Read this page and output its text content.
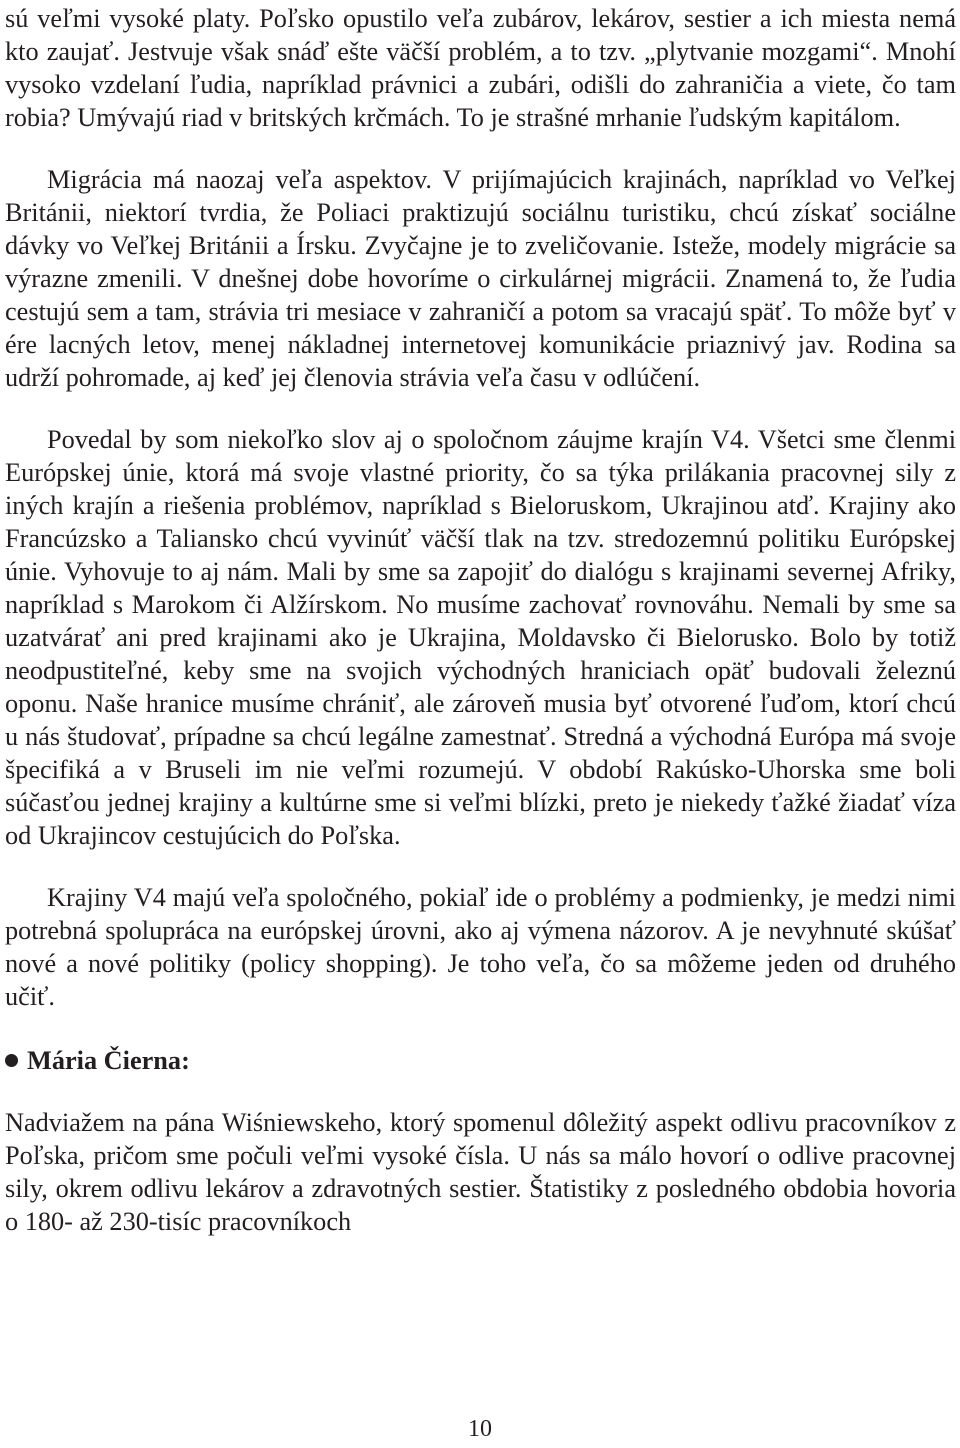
sú veľmi vysoké platy. Poľsko opustilo veľa zubárov, lekárov, sestier a ich miesta nemá kto zaujať. Jestvuje však snáď ešte väčší problém, a to tzv. „plytvanie mozgami“. Mnohí vysoko vzdelaní ľudia, napríklad právnici a zubári, odišli do zahraničia a viete, čo tam robia? Umývajú riad v britských krčmách. To je strašné mrhanie ľudským kapitálom.

Migrácia má naozaj veľa aspektov. V prijímajúcich krajinách, napríklad vo Veľkej Británii, niektorí tvrdia, že Poliaci praktizujú sociálnu turistiku, chcú získať sociálne dávky vo Veľkej Británii a Írsku. Zvyčajne je to zveličovanie. Isteže, modely migrácie sa výrazne zmenili. V dnešnej dobe hovoríme o cirkulárnej migrácii. Znamená to, že ľudia cestujú sem a tam, strávia tri mesiace v zahraničí a potom sa vracajú späť. To môže byť v ére lacných letov, menej nákladnej internetovej komunikácie priaznivý jav. Rodina sa udrží pohromade, aj keď jej členovia strávia veľa času v odlúčení.

Povedal by som niekoľko slov aj o spoločnom záujme krajín V4. Všetci sme členmi Európskej únie, ktorá má svoje vlastné priority, čo sa týka prilákania pracovnej sily z iných krajín a riešenia problémov, napríklad s Bieloruskom, Ukrajinou atď. Krajiny ako Francúzsko a Taliansko chcú vyvinúť väčší tlak na tzv. stredozemnú politiku Európskej únie. Vyhovuje to aj nám. Mali by sme sa zapojiť do dialógu s krajinami severnej Afriky, napríklad s Marokom či Alžírskom. No musíme zachovať rovnováhu. Nemali by sme sa uzatvárať ani pred krajinami ako je Ukrajina, Moldavsko či Bielorusko. Bolo by totiž neodpustiteľné, keby sme na svojich východných hraniciach opäť budovali železnú oponu. Naše hranice musíme chrániť, ale zároveň musia byť otvorené ľuďom, ktorí chcú u nás študovať, prípadne sa chcú legálne zamestnať. Stredná a východná Európa má svoje špecifiká a v Bruseli im nie veľmi rozumejú. V období Rakúsko-Uhorska sme boli súčasťou jednej krajiny a kultúrne sme si veľmi blízki, preto je niekedy ťažké žiadať víza od Ukrajincov cestujúcich do Poľska.

Krajiny V4 majú veľa spoločného, pokiaľ ide o problémy a podmienky, je medzi nimi potrebná spolupráca na európskej úrovni, ako aj výmena názorov. A je nevyhnuté skúšať nové a nové politiky (policy shopping). Je toho veľa, čo sa môžeme jeden od druhého učiť.

Mária Čierna:

Nadviažem na pána Wiśniewskeho, ktorý spomenul dôležitý aspekt odlivu pracovníkov z Poľska, pričom sme počuli veľmi vysoké čísla. U nás sa málo hovorí o odlive pracovnej sily, okrem odlivu lekárov a zdravotných sestier. Štatistiky z posledného obdobia hovoria o 180- až 230-tisíc pracovníkoch

10
